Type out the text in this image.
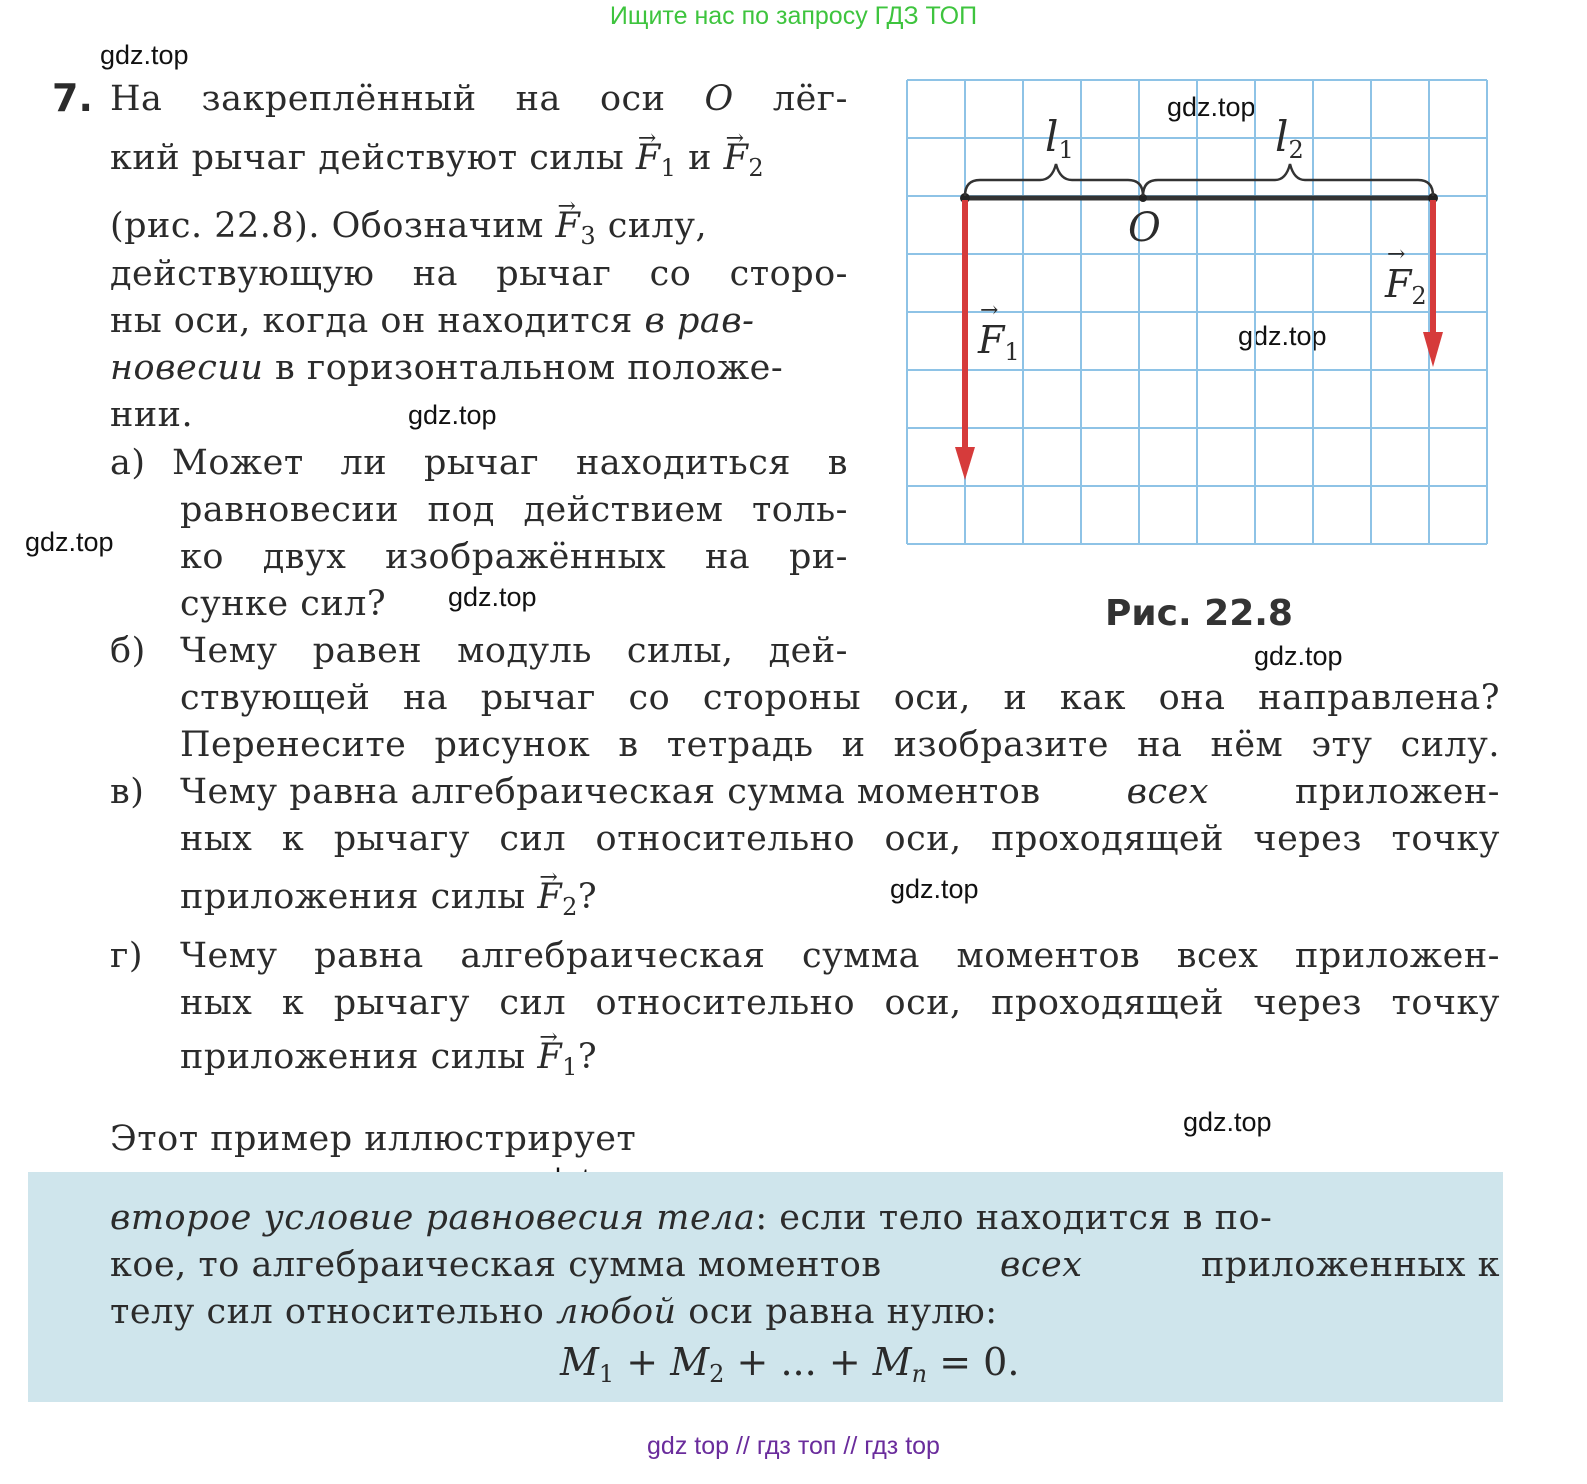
Ищите нас по запросу ГДЗ ТОП
gdz.top
gdz.top
gdz.top
gdz.top
gdz.top
gdz.top
gdz.top
gdz.top
gdz.top
$l_1$	$l_2$
O
→ $F_1$
→ $F_2$
Рис. 22.8
7. На закреплённый на оси O лёг-
кий рычаг действуют силы → $F_1$ $и \to F_2$
(рис. 22.8). Обозначим → $F_3$ силу,
действующую на рычаг со сторо-
ны оси, когда он находится в рав-
новесии в горизонтальном положе-
нии.
а) Может ли рычаг находиться в
равновесии под действием толь-
ко двух изображённых на ри-
сунке сил?
б) Чему равен модуль силы, дей-
ствующей на рычаг со стороны оси, и как она направлена?
Перенесите рисунок в тетрадь и изобразите на нём эту силу.
в) Чему равна алгебраическая сумма моментов всех приложен-
ных к рычагу сил относительно оси, проходящей через точку
приложения силы → $F_2$?
г) Чему равна алгебраическая сумма моментов всех приложен-
ных к рычагу сил относительно оси, проходящей через точку
приложения силы → $F_1$?
Этот пример иллюстрирует
второе условие равновесия тела: если тело находится в по-
кое, то алгебраическая сумма моментов	всех	приложенных к
телу сил относительно любой оси равна нулю:
$M_1 + M_2$ + ... + $M_n = 0$.
gdz top // гдз топ // гдз top
